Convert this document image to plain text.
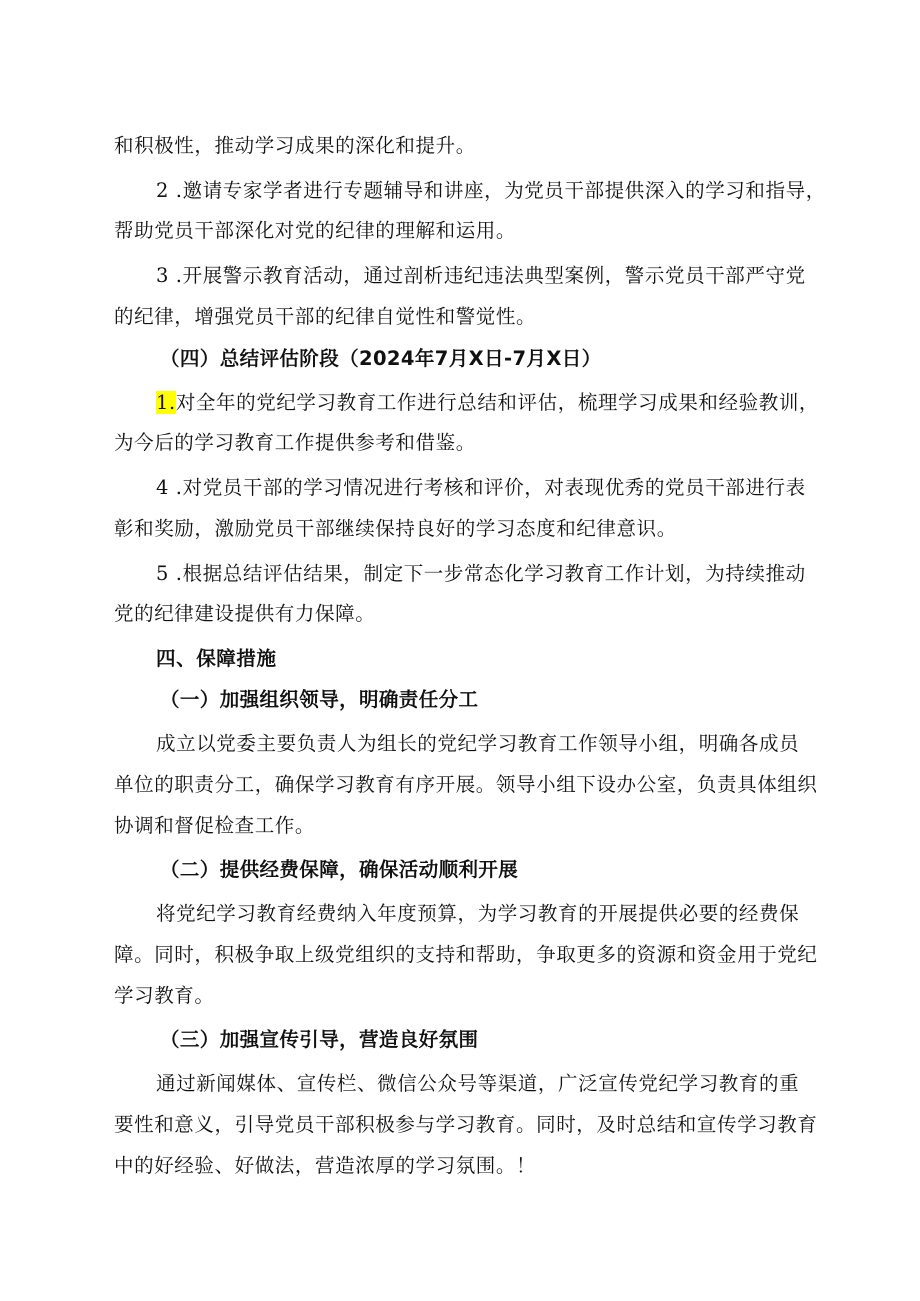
和积极性，推动学习成果的深化和提升。
2 .邀请专家学者进行专题辅导和讲座，为党员干部提供深入的学习和指导，
帮助党员干部深化对党的纪律的理解和运用。
3 .开展警示教育活动，通过剖析违纪违法典型案例，警示党员干部严守党
的纪律，增强党员干部的纪律自觉性和警觉性。
（四）总结评估阶段（2024年7月X日-7月X日）
1.对全年的党纪学习教育工作进行总结和评估，梳理学习成果和经验教训，
为今后的学习教育工作提供参考和借鉴。
4 .对党员干部的学习情况进行考核和评价，对表现优秀的党员干部进行表
彰和奖励，激励党员干部继续保持良好的学习态度和纪律意识。
5 .根据总结评估结果，制定下一步常态化学习教育工作计划，为持续推动
党的纪律建设提供有力保障。
四、保障措施
（一）加强组织领导，明确责任分工
成立以党委主要负责人为组长的党纪学习教育工作领导小组，明确各成员
单位的职责分工，确保学习教育有序开展。领导小组下设办公室，负责具体组织
协调和督促检查工作。
（二）提供经费保障，确保活动顺利开展
将党纪学习教育经费纳入年度预算，为学习教育的开展提供必要的经费保
障。同时，积极争取上级党组织的支持和帮助，争取更多的资源和资金用于党纪
学习教育。
（三）加强宣传引导，营造良好氛围
通过新闻媒体、宣传栏、微信公众号等渠道，广泛宣传党纪学习教育的重
要性和意义，引导党员干部积极参与学习教育。同时，及时总结和宣传学习教育
中的好经验、好做法，营造浓厚的学习氛围。！
